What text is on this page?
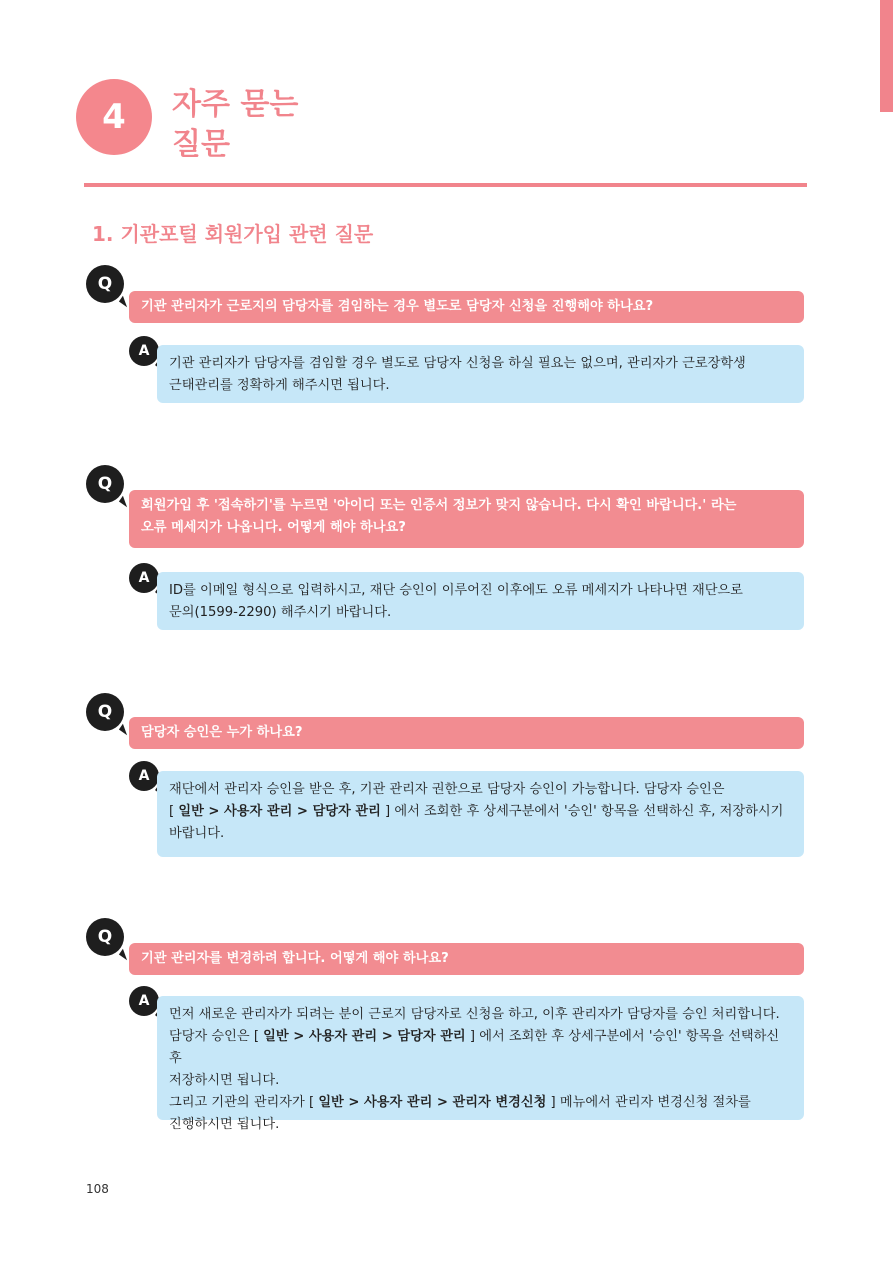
4 자주 묻는
질문
1. 기관포털 회원가입 관련 질문
Q
기관 관리자가 근로지의 담당자를 겸임하는 경우 별도로 담당자 신청을 진행해야 하나요?
A

기관 관리자가 담당자를 겸임할 경우 별도로 담당자 신청을 하실 필요는 없으며, 관리자가 근로장학생

근태관리를 정확하게 해주시면 됩니다.

Q
회원가입 후 '접속하기'를 누르면 '아이디 또는 인증서 정보가 맞지 않습니다. 다시 확인 바랍니다.' 라는
오류 메세지가 나옵니다. 어떻게 해야 하나요?
A

ID를 이메일 형식으로 입력하시고, 재단 승인이 이루어진 이후에도 오류 메세지가 나타나면 재단으로

문의(1599-2290) 해주시기 바랍니다.

Q
담당자 승인은 누가 하나요?
A

재단에서 관리자 승인을 받은 후, 기관 관리자 권한으로 담당자 승인이 가능합니다. 담당자 승인은

[ 일반 > 사용자 관리 > 담당자 관리 ] 에서 조회한 후 상세구분에서 '승인' 항목을 선택하신 후, 저장하시기

바랍니다.

Q
기관 관리자를 변경하려 합니다. 어떻게 해야 하나요?
A

먼저 새로운 관리자가 되려는 분이 근로지 담당자로 신청을 하고, 이후 관리자가 담당자를 승인 처리합니다.

담당자 승인은 [ 일반 > 사용자 관리 > 담당자 관리 ] 에서 조회한 후 상세구분에서 '승인' 항목을 선택하신 후

저장하시면 됩니다.

그리고 기관의 관리자가 [ 일반 > 사용자 관리 > 관리자 변경신청 ] 메뉴에서 관리자 변경신청 절차를

진행하시면 됩니다.

108
